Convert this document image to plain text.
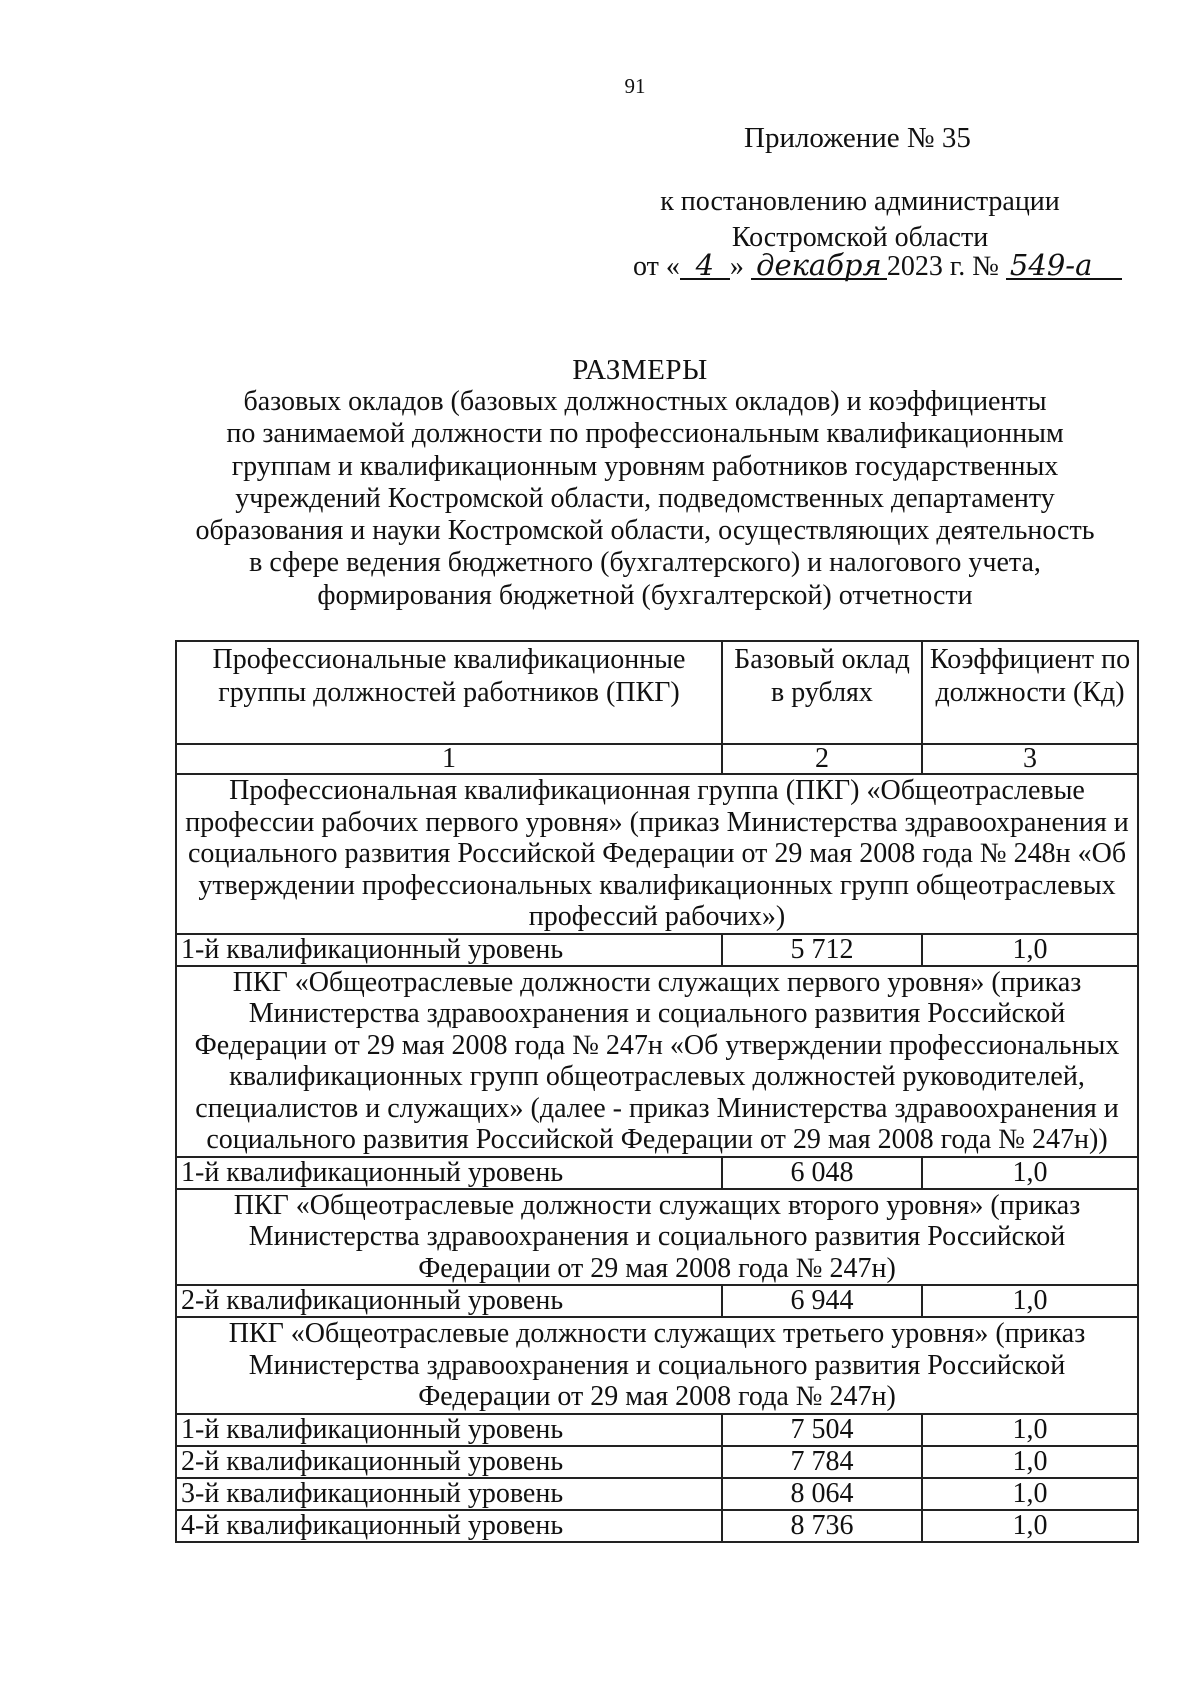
91
Приложение № 35
к постановлению администрации
Костромской области
от « 4 » декабря 2023 г. № 549-а
РАЗМЕРЫ
базовых окладов (базовых должностных окладов) и коэффициенты
по занимаемой должности по профессиональным квалификационным
группам и квалификационным уровням работников государственных
учреждений Костромской области, подведомственных департаменту
образования и науки Костромской области, осуществляющих деятельность
в сфере ведения бюджетного (бухгалтерского) и налогового учета,
формирования бюджетной (бухгалтерской) отчетности
Профессиональные квалификационные группы должностей работников (ПКГ)	Базовый оклад в рублях	Коэффициент по должности (Кд)
1	2	3
Профессиональная квалификационная группа (ПКГ) «Общеотраслевые профессии рабочих первого уровня» (приказ Министерства здравоохранения и социального развития Российской Федерации от 29 мая 2008 года № 248н «Об утверждении профессиональных квалификационных групп общеотраслевых профессий рабочих»)		
1-й квалификационный уровень	5 712	1,0
ПКГ «Общеотраслевые должности служащих первого уровня» (приказ Министерства здравоохранения и социального развития Российской Федерации от 29 мая 2008 года № 247н «Об утверждении профессиональных квалификационных групп общеотраслевых должностей руководителей, специалистов и служащих» (далее - приказ Министерства здравоохранения и социального развития Российской Федерации от 29 мая 2008 года № 247н))		
1-й квалификационный уровень	6 048	1,0
ПКГ «Общеотраслевые должности служащих второго уровня» (приказ Министерства здравоохранения и социального развития Российской Федерации от 29 мая 2008 года № 247н)		
2-й квалификационный уровень	6 944	1,0
ПКГ «Общеотраслевые должности служащих третьего уровня» (приказ Министерства здравоохранения и социального развития Российской Федерации от 29 мая 2008 года № 247н)		
1-й квалификационный уровень	7 504	1,0
2-й квалификационный уровень	7 784	1,0
3-й квалификационный уровень	8 064	1,0
4-й квалификационный уровень	8 736	1,0
